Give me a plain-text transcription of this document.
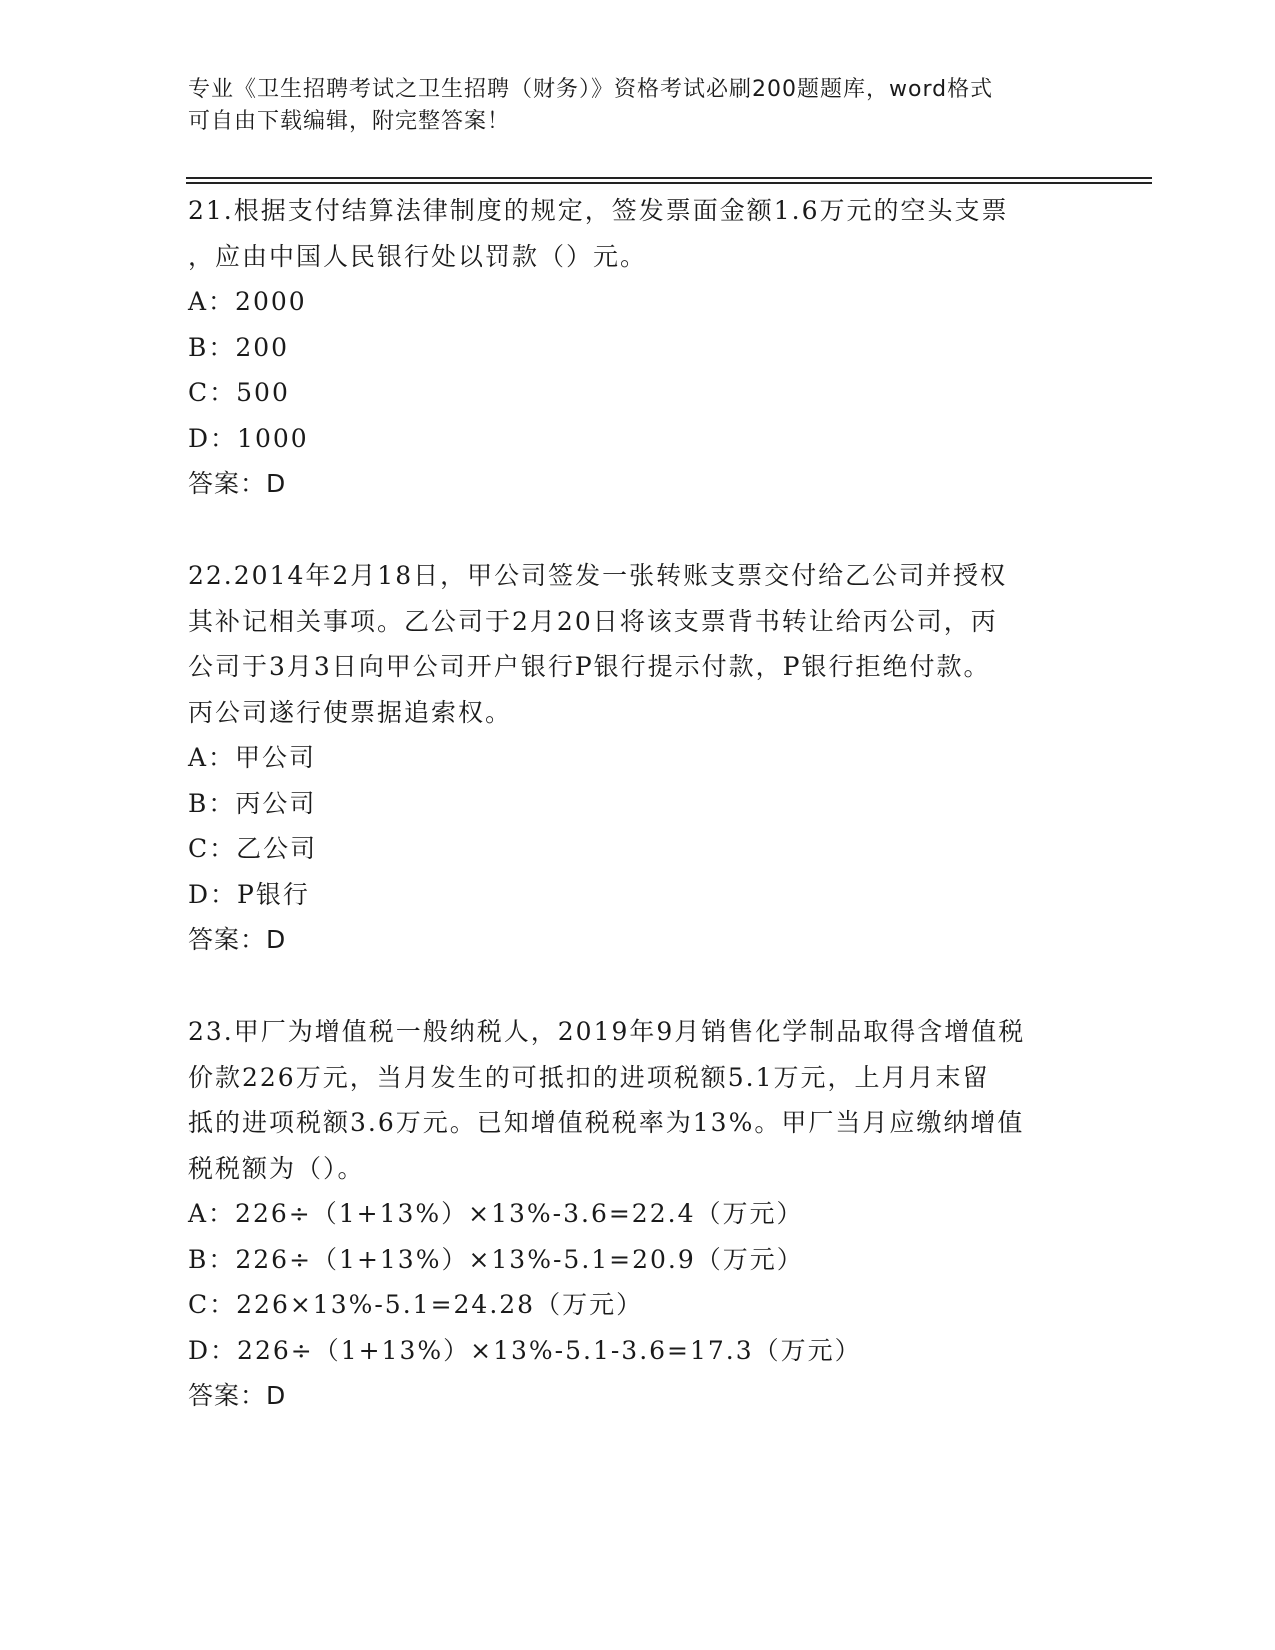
专业《卫生招聘考试之卫生招聘（财务）》资格考试必刷200题题库，word格式
可自由下载编辑，附完整答案！
21.根据支付结算法律制度的规定，签发票面金额1.6万元的空头支票
，应由中国人民银行处以罚款（）元。
A：2000
B：200
C：500
D：1000
答案：D
22.2014年2月18日，甲公司签发一张转账支票交付给乙公司并授权
其补记相关事项。乙公司于2月20日将该支票背书转让给丙公司，丙
公司于3月3日向甲公司开户银行P银行提示付款，P银行拒绝付款。
丙公司遂行使票据追索权。
A：甲公司
B：丙公司
C：乙公司
D：P银行
答案：D
23.甲厂为增值税一般纳税人，2019年9月销售化学制品取得含增值税
价款226万元，当月发生的可抵扣的进项税额5.1万元，上月月末留
抵的进项税额3.6万元。已知增值税税率为13%。甲厂当月应缴纳增值
税税额为（）。
A：226÷（1+13%）×13%-3.6=22.4（万元）
B：226÷（1+13%）×13%-5.1=20.9（万元）
C：226×13%-5.1=24.28（万元）
D：226÷（1+13%）×13%-5.1-3.6=17.3（万元）
答案：D
